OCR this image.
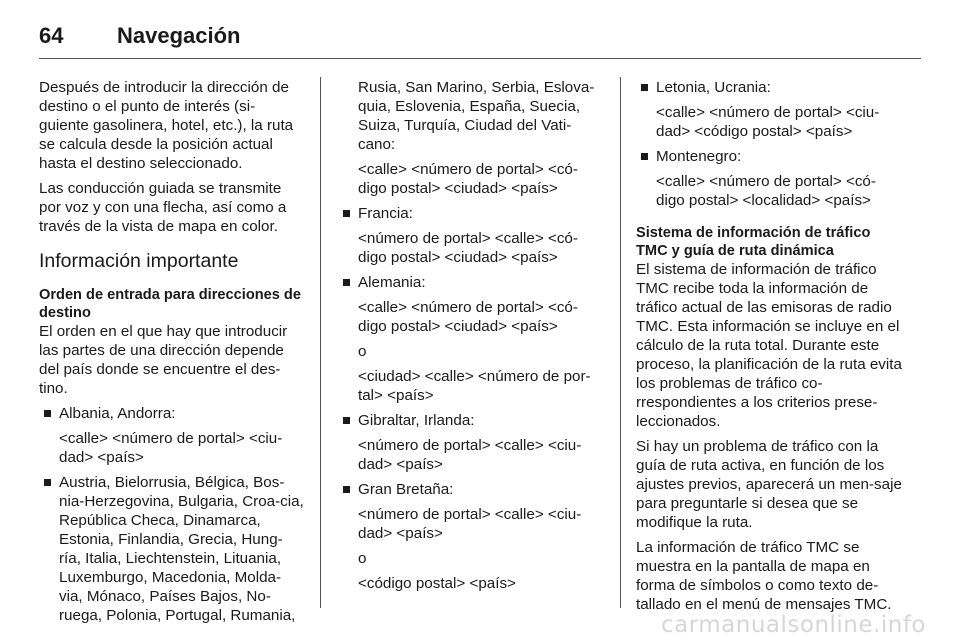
64	Navegación

Después de introducir la dirección de destino o el punto de interés (si-guiente gasolinera, hotel, etc.), la ruta se calcula desde la posición actual hasta el destino seleccionado.

Las conducción guiada se transmite por voz y con una flecha, así como a través de la vista de mapa en color.

Información importante
Orden de entrada para direcciones de destino

El orden en el que hay que introducir las partes de una dirección depende del país donde se encuentre el des-tino.

Albania, Andorra:
<calle> <número de portal> <ciu-dad> <país>
Austria, Bielorrusia, Bélgica, Bos-nia-Herzegovina, Bulgaria, Croa-cia, República Checa, Dinamarca, Estonia, Finlandia, Grecia, Hung-ría, Italia, Liechtenstein, Lituania, Luxemburgo, Macedonia, Molda-via, Mónaco, Países Bajos, No-ruega, Polonia, Portugal, Rumania,
Rusia, San Marino, Serbia, Eslova-quia, Eslovenia, España, Suecia, Suiza, Turquía, Ciudad del Vati-cano:
<calle> <número de portal> <có-digo postal> <ciudad> <país>
Francia:
<número de portal> <calle> <có-digo postal> <ciudad> <país>
Alemania:
<calle> <número de portal> <có-digo postal> <ciudad> <país>
o
<ciudad> <calle> <número de por-tal> <país>
Gibraltar, Irlanda:
<número de portal> <calle> <ciu-dad> <país>
Gran Bretaña:
<número de portal> <calle> <ciu-dad> <país>
o
<código postal> <país>
Letonia, Ucrania:
<calle> <número de portal> <ciu-dad> <código postal> <país>
Montenegro:
<calle> <número de portal> <có-digo postal> <localidad> <país>
Sistema de información de tráfico TMC y guía de ruta dinámica

El sistema de información de tráfico TMC recibe toda la información de tráfico actual de las emisoras de radio TMC. Esta información se incluye en el cálculo de la ruta total. Durante este proceso, la planificación de la ruta evita los problemas de tráfico co-rrespondientes a los criterios prese-leccionados.

Si hay un problema de tráfico con la guía de ruta activa, en función de los ajustes previos, aparecerá un men-saje para preguntarle si desea que se modifique la ruta.

La información de tráfico TMC se muestra en la pantalla de mapa en forma de símbolos o como texto de-tallado en el menú de mensajes TMC.

carmanualsonline.info
